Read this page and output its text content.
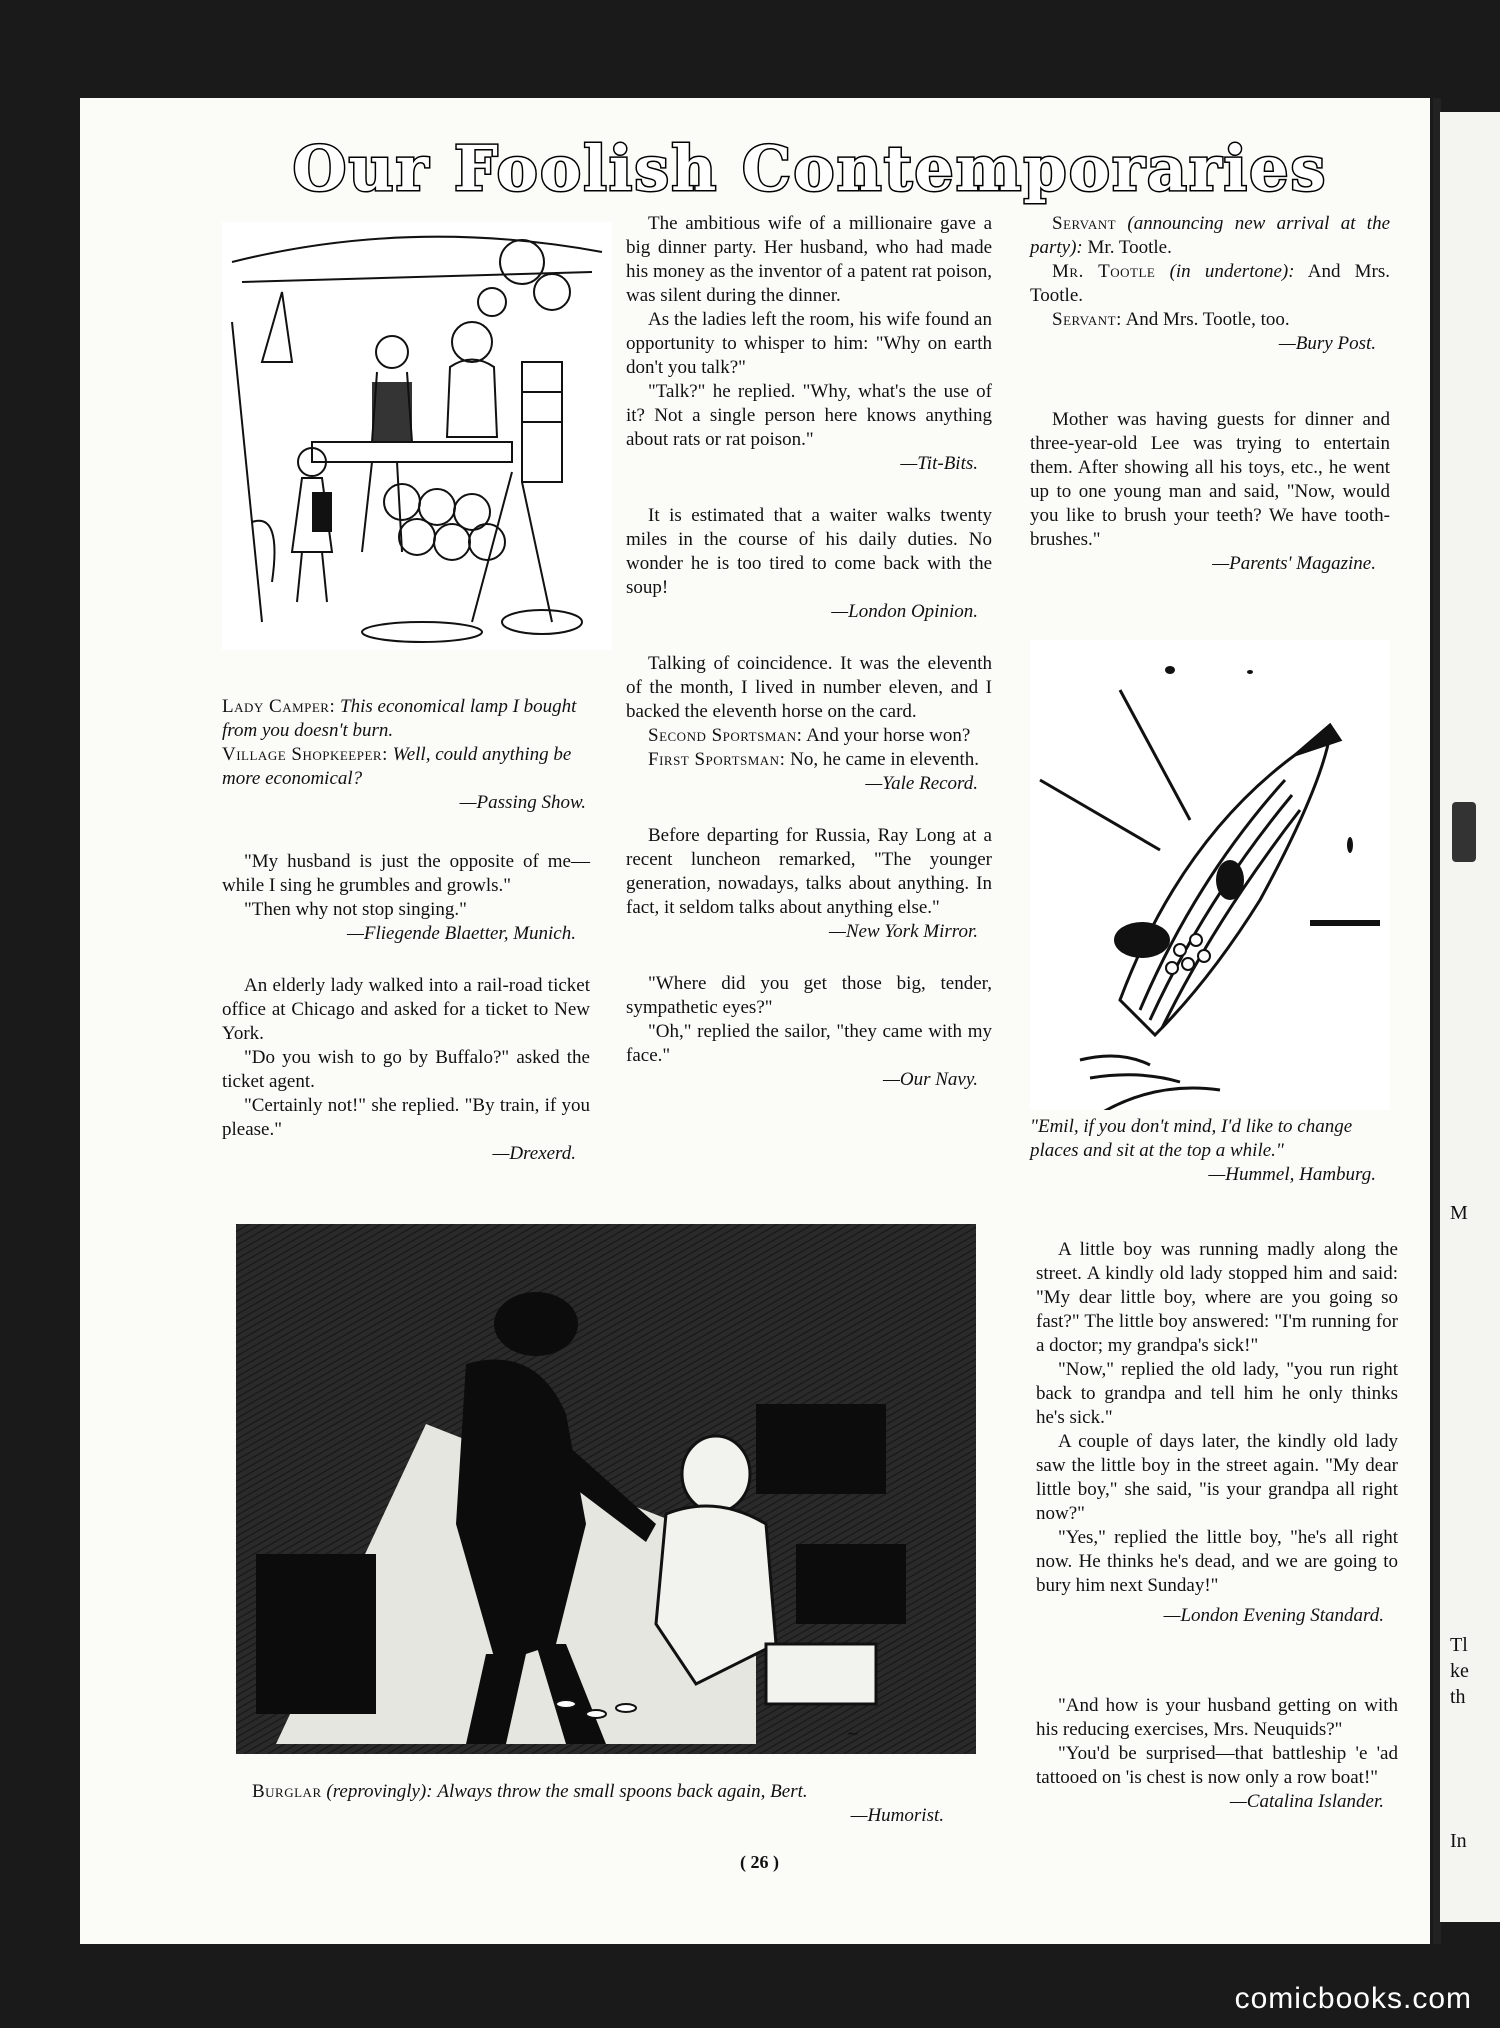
M
Tl
ke
th
In
Our Foolish Contemporaries
Lady Camper: This economical lamp I bought from you doesn't burn.
Village Shopkeeper: Well, could anything be more economical?
—Passing Show.

"My husband is just the opposite of me—while I sing he grumbles and growls."

"Then why not stop singing."

—Fliegende Blaetter, Munich.

An elderly lady walked into a rail-road ticket office at Chicago and asked for a ticket to New York.

"Do you wish to go by Buffalo?" asked the ticket agent.

"Certainly not!" she replied. "By train, if you please."

—Drexerd.

The ambitious wife of a millionaire gave a big dinner party. Her husband, who had made his money as the inventor of a patent rat poison, was silent during the dinner.

As the ladies left the room, his wife found an opportunity to whisper to him: "Why on earth don't you talk?"

"Talk?" he replied. "Why, what's the use of it? Not a single person here knows anything about rats or rat poison."

—Tit-Bits.

It is estimated that a waiter walks twenty miles in the course of his daily duties. No wonder he is too tired to come back with the soup!

—London Opinion.

Talking of coincidence. It was the eleventh of the month, I lived in number eleven, and I backed the eleventh horse on the card.

Second Sportsman: And your horse won?

First Sportsman: No, he came in eleventh.

—Yale Record.

Before departing for Russia, Ray Long at a recent luncheon remarked, "The younger generation, nowadays, talks about anything. In fact, it seldom talks about anything else."

—New York Mirror.

"Where did you get those big, tender, sympathetic eyes?"

"Oh," replied the sailor, "they came with my face."

—Our Navy.

Servant (announcing new arrival at the party): Mr. Tootle.

Mr. Tootle (in undertone): And Mrs. Tootle.

Servant: And Mrs. Tootle, too.

—Bury Post.

Mother was having guests for dinner and three-year-old Lee was trying to entertain them. After showing all his toys, etc., he went up to one young man and said, "Now, would you like to brush your teeth? We have tooth-brushes."

—Parents' Magazine.
"Emil, if you don't mind, I'd like to change places and sit at the top a while."
—Hummel, Hamburg.
~
Burglar (reprovingly): Always throw the small spoons back again, Bert.
—Humorist.

A little boy was running madly along the street. A kindly old lady stopped him and said: "My dear little boy, where are you going so fast?" The little boy answered: "I'm running for a doctor; my grandpa's sick!"

"Now," replied the old lady, "you run right back to grandpa and tell him he only thinks he's sick."

A couple of days later, the kindly old lady saw the little boy in the street again. "My dear little boy," she said, "is your grandpa all right now?"

"Yes," replied the little boy, "he's all right now. He thinks he's dead, and we are going to bury him next Sunday!"

—London Evening Standard.

"And how is your husband getting on with his reducing exercises, Mrs. Neuquids?"

"You'd be surprised—that battleship 'e 'ad tattooed on 'is chest is now only a row boat!"

—Catalina Islander.
( 26 )
comicbooks.com
